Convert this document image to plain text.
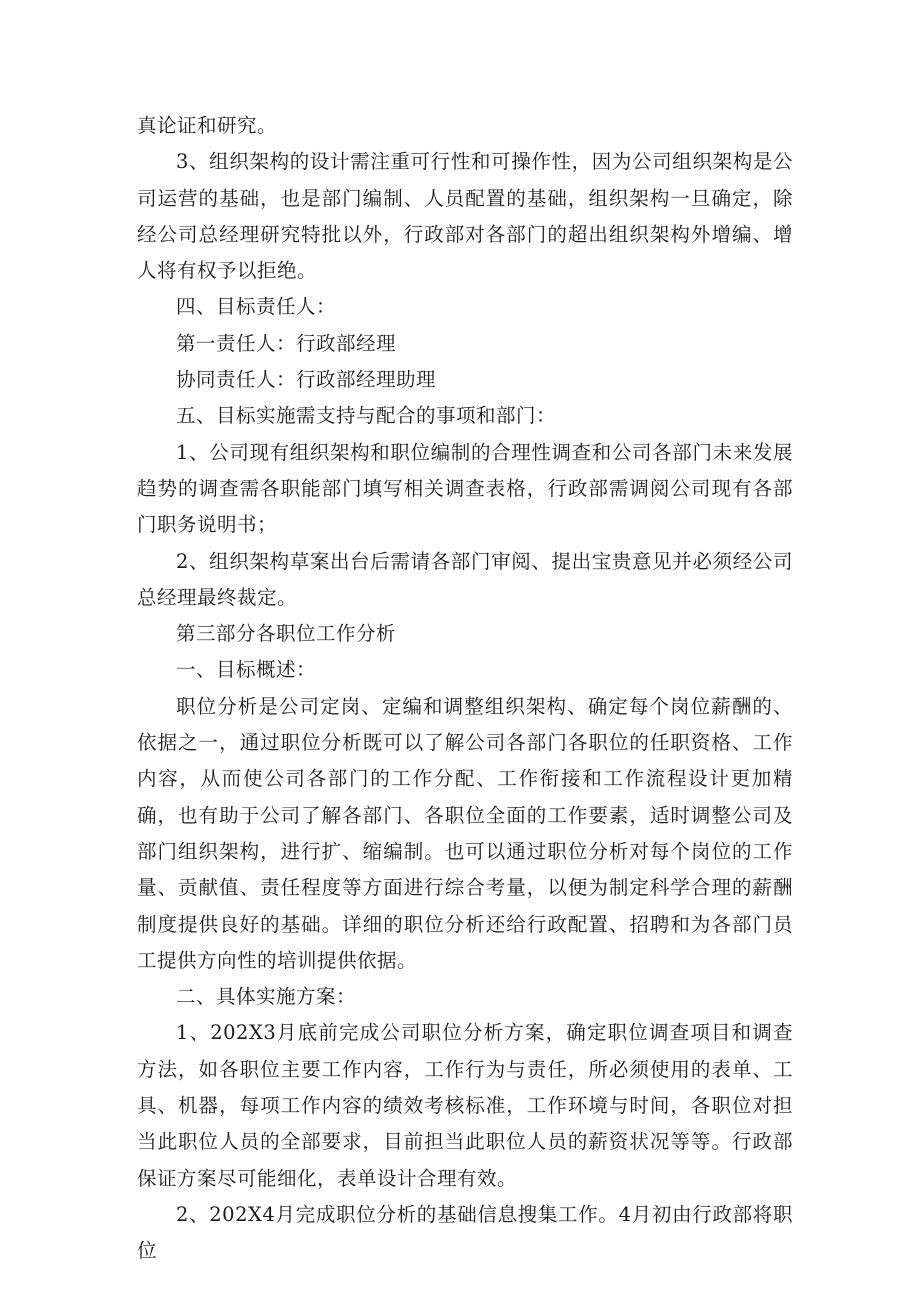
真论证和研究。

3、组织架构的设计需注重可行性和可操作性，因为公司组织架构是公司运营的基础，也是部门编制、人员配置的基础，组织架构一旦确定，除经公司总经理研究特批以外，行政部对各部门的超出组织架构外增编、增人将有权予以拒绝。

四、目标责任人：

第一责任人：行政部经理

协同责任人：行政部经理助理

五、目标实施需支持与配合的事项和部门：

1、公司现有组织架构和职位编制的合理性调查和公司各部门未来发展趋势的调查需各职能部门填写相关调查表格，行政部需调阅公司现有各部门职务说明书；

2、组织架构草案出台后需请各部门审阅、提出宝贵意见并必须经公司总经理最终裁定。

第三部分各职位工作分析

一、目标概述：

职位分析是公司定岗、定编和调整组织架构、确定每个岗位薪酬的、依据之一，通过职位分析既可以了解公司各部门各职位的任职资格、工作内容，从而使公司各部门的工作分配、工作衔接和工作流程设计更加精确，也有助于公司了解各部门、各职位全面的工作要素，适时调整公司及部门组织架构，进行扩、缩编制。也可以通过职位分析对每个岗位的工作量、贡献值、责任程度等方面进行综合考量，以便为制定科学合理的薪酬制度提供良好的基础。详细的职位分析还给行政配置、招聘和为各部门员工提供方向性的培训提供依据。

二、具体实施方案：

1、202X3月底前完成公司职位分析方案，确定职位调查项目和调查方法，如各职位主要工作内容，工作行为与责任，所必须使用的表单、工具、机器，每项工作内容的绩效考核标准，工作环境与时间，各职位对担当此职位人员的全部要求，目前担当此职位人员的薪资状况等等。行政部保证方案尽可能细化，表单设计合理有效。

2、202X4月完成职位分析的基础信息搜集工作。4月初由行政部将职位
